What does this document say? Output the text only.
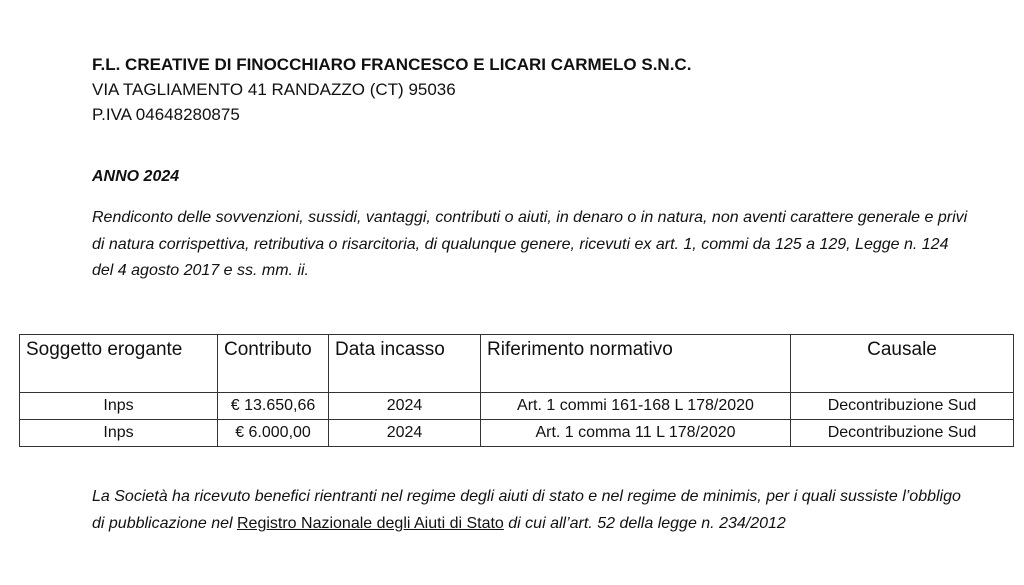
F.L. CREATIVE DI FINOCCHIARO FRANCESCO E LICARI CARMELO S.N.C.
VIA TAGLIAMENTO 41 RANDAZZO (CT) 95036
P.IVA 04648280875
ANNO 2024
Rendiconto delle sovvenzioni, sussidi, vantaggi, contributi o aiuti, in denaro o in natura, non aventi carattere generale e privi di natura corrispettiva, retributiva o risarcitoria, di qualunque genere, ricevuti ex art. 1, commi da 125 a 129, Legge n. 124 del 4 agosto 2017 e ss. mm. ii.
Soggetto erogante	Contributo	Data incasso	Riferimento normativo	Causale
Inps	€ 13.650,66	2024	Art. 1 commi 161-168 L 178/2020	Decontribuzione Sud
Inps	€ 6.000,00	2024	Art. 1 comma 11 L 178/2020	Decontribuzione Sud
La Società ha ricevuto benefici rientranti nel regime degli aiuti di stato e nel regime de minimis, per i quali sussiste l’obbligo di pubblicazione nel Registro Nazionale degli Aiuti di Stato di cui all’art. 52 della legge n. 234/2012
